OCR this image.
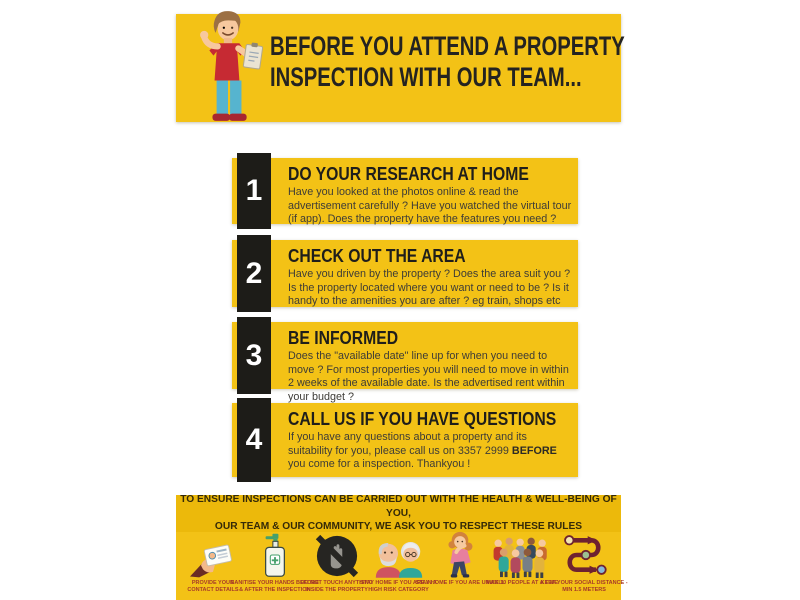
BEFORE YOU ATTEND A PROPERTY
INSPECTION WITH OUR TEAM...
1
DO YOUR RESEARCH AT HOME
Have you looked at the photos online & read the advertisement carefully ? Have you watched the virtual tour (if app). Does the property have the features you need ?
2
CHECK OUT THE AREA
Have you driven by the property ? Does the area suit you ? Is the property located where you want or need to be ? Is it handy to the amenities you are after ? eg train, shops etc
3
BE INFORMED
Does the "available date" line up for when you need to move ? For most properties you will need to move in within 2 weeks of the available date. Is the advertised rent within your budget ?
4
CALL US IF YOU HAVE QUESTIONS
If you have any questions about a property and its suitability for you, please call us on 3357 2999 BEFORE you come for a inspection. Thankyou !
TO ENSURE INSPECTIONS CAN BE CARRIED OUT WITH THE HEALTH & WELL-BEING OF YOU,
OUR TEAM & OUR COMMUNITY, WE ASK YOU TO RESPECT THESE RULES
PROVIDE YOUR
CONTACT DETAILS
SANITISE YOUR HANDS BEFORE
& AFTER THE INSPECTION
DO NOT TOUCH ANYTHING
INSIDE THE PROPERTY
STAY HOME IF YOU ARE IN A
HIGH RISK CATEGORY
STAY HOME IF YOU ARE UNWELL
MAX 10 PEOPLE AT A TIME
KEEP YOUR SOCIAL DISTANCE -
MIN 1.5 METERS
